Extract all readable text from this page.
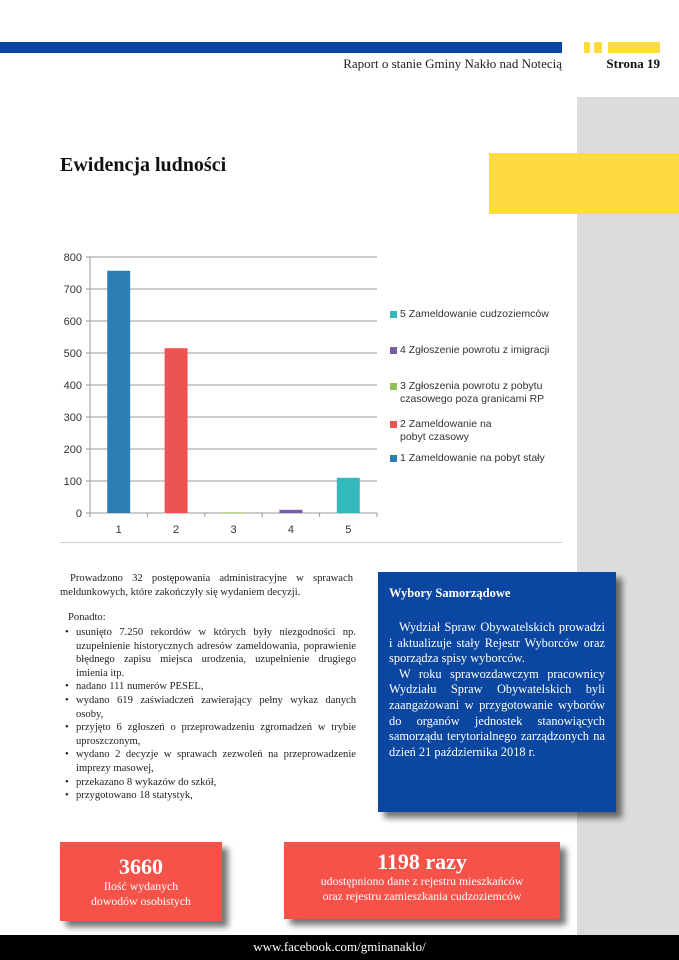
Raport o stanie Gminy Nakło nad Notecią	Strona 19
Ewidencja ludności
0
100
200
300
400
500
600
700
800
1	2	3	4	5
5 Zameldowanie cudzoziemców
4 Zgłoszenie powrotu z imigracji
3 Zgłoszenia powrotu z pobytu czasowego poza granicami RP
2 Zameldowanie na pobyt czasowy
1 Zameldowanie na pobyt stały
Prowadzono 32 postępowania administracyjne w sprawach meldunkowych, które zakończyły się wydaniem decyzji.
Ponadto:
• usunięto 7.250 rekordów w których były niezgodności np. uzupełnienie historycznych adresów zameldowania, poprawienie błędnego zapisu miejsca urodzenia, uzupełnienie drugiego imienia itp.
• nadano 111 numerów PESEL,
• wydano 619 zaświadczeń zawierający pełny wykaz danych osoby,
• przyjęto 6 zgłoszeń o przeprowadzeniu zgromadzeń w trybie uproszczonym,
• wydano 2 decyzje w sprawach zezwoleń na przeprowadzenie imprezy masowej,
• przekazano 8 wykazów do szkół,
• przygotowano 18 statystyk,
Wybory Samorządowe

Wydział Spraw Obywatelskich prowadzi i aktualizuje stały Rejestr Wyborców oraz sporządza spisy wyborców.

W roku sprawozdawczym pracownicy Wydziału Spraw Obywatelskich byli zaangażowani w przygotowanie wyborów do organów jednostek stanowiących samorządu terytorialnego zarządzonych na dzień 21 października 2018 r.

3660
Ilość wydanych
dowodów osobistych
1198 razy
udostępniono dane z rejestru mieszkańców
oraz rejestru zamieszkania cudzoziemców
www.facebook.com/gminanaklo/
